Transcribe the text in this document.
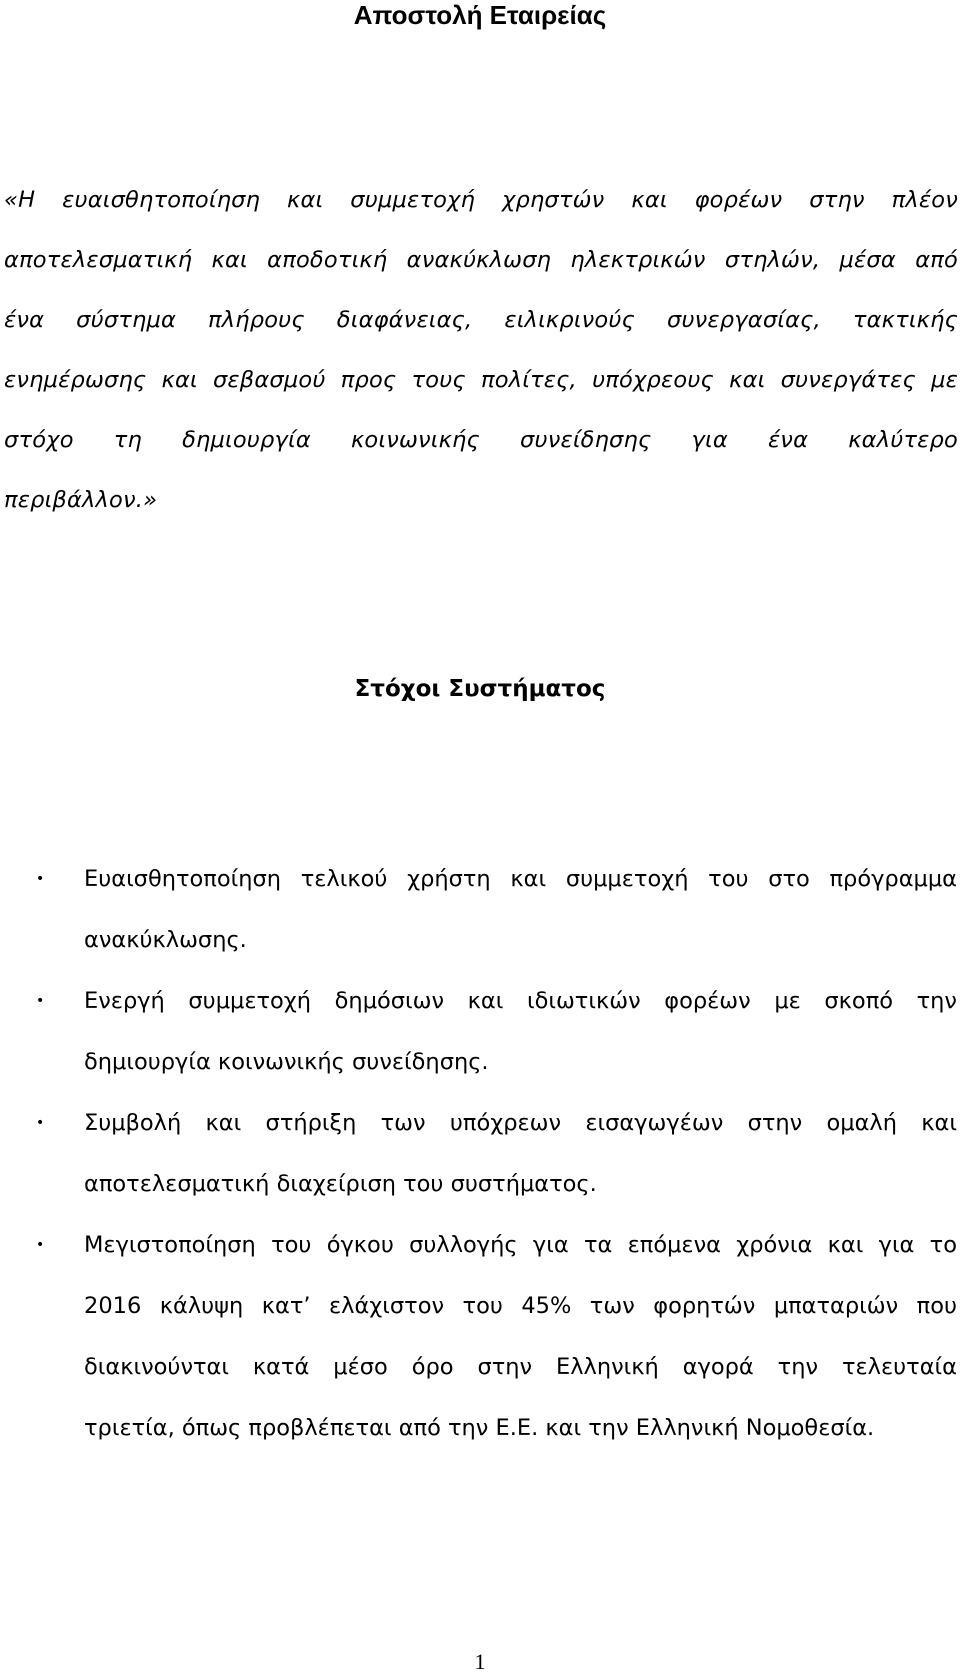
Αποστολή Εταιρείας
«Η ευαισθητοποίηση και συμμετοχή χρηστών και φορέων στην πλέον
αποτελεσματική και αποδοτική ανακύκλωση ηλεκτρικών στηλών, μέσα από
ένα σύστημα πλήρους διαφάνειας, ειλικρινούς συνεργασίας, τακτικής
ενημέρωσης και σεβασμού προς τους πολίτες, υπόχρεους και συνεργάτες με
στόχο τη δημιουργία κοινωνικής συνείδησης για ένα καλύτερο
περιβάλλον.»
Στόχοι Συστήματος
• Ευαισθητοποίηση τελικού χρήστη και συμμετοχή του στο πρόγραμμα
ανακύκλωσης.
• Ενεργή συμμετοχή δημόσιων και ιδιωτικών φορέων με σκοπό την
δημιουργία κοινωνικής συνείδησης.
• Συμβολή και στήριξη των υπόχρεων εισαγωγέων στην ομαλή και
αποτελεσματική διαχείριση του συστήματος.
• Μεγιστοποίηση του όγκου συλλογής για τα επόμενα χρόνια και για το
2016 κάλυψη κατ’ ελάχιστον του 45% των φορητών μπαταριών που
διακινούνται κατά μέσο όρο στην Ελληνική αγορά την τελευταία
τριετία, όπως προβλέπεται από την Ε.Ε. και την Ελληνική Νομοθεσία.
1
